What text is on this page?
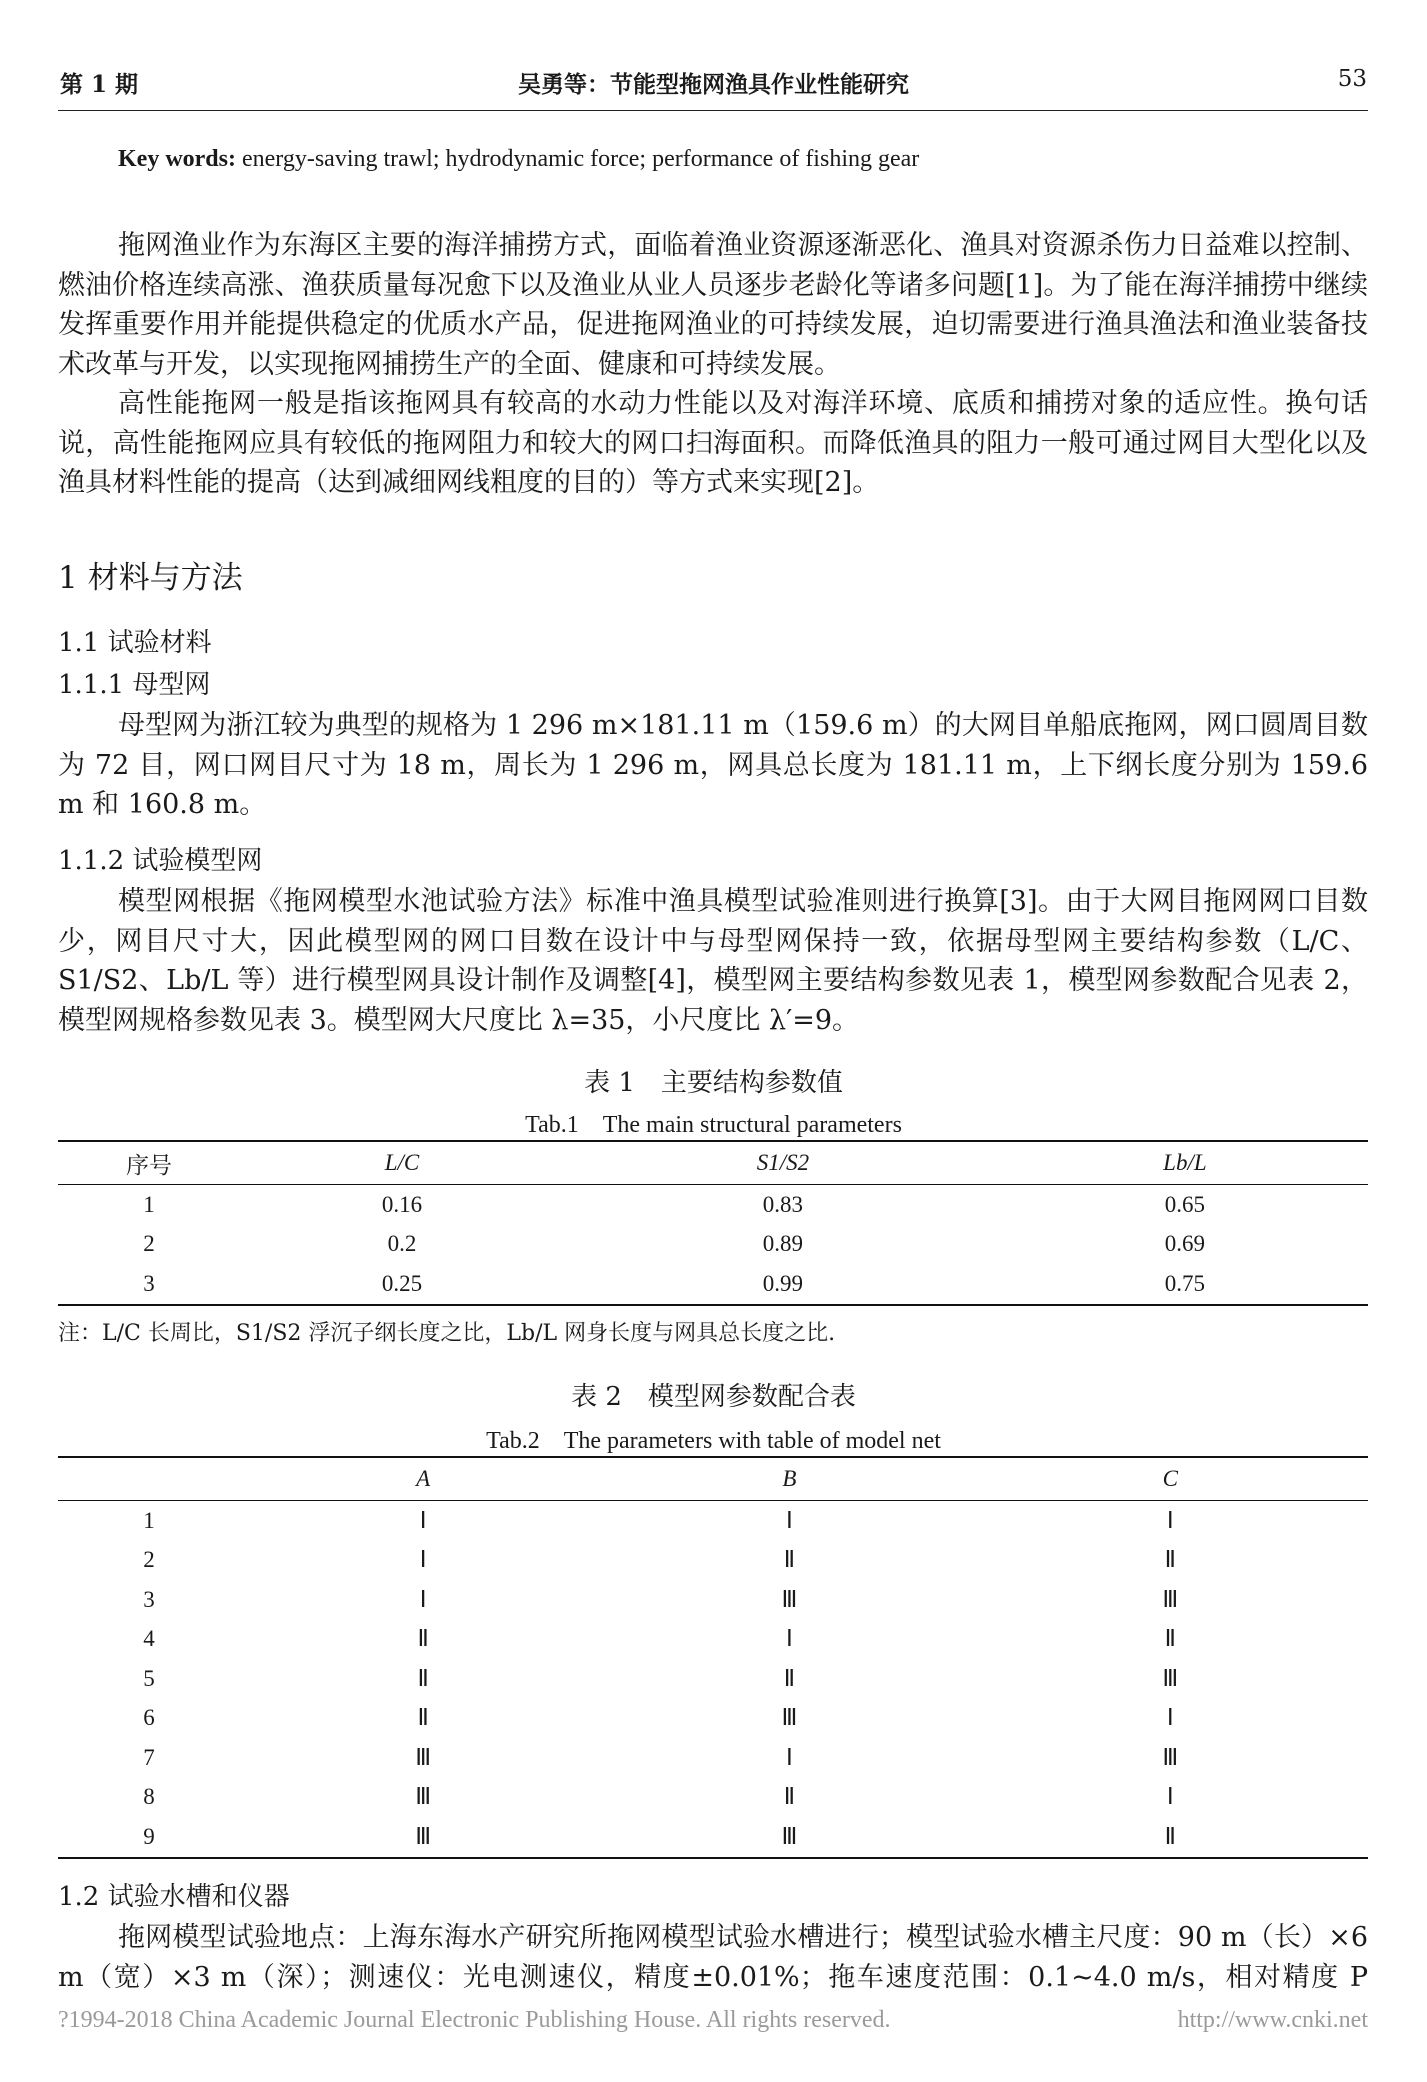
第 1 期	吴勇等：节能型拖网渔具作业性能研究	53
Key words: energy-saving trawl; hydrodynamic force; performance of fishing gear
拖网渔业作为东海区主要的海洋捕捞方式，面临着渔业资源逐渐恶化、渔具对资源杀伤力日益难以控制、燃油价格连续高涨、渔获质量每况愈下以及渔业从业人员逐步老龄化等诸多问题[1]。为了能在海洋捕捞中继续发挥重要作用并能提供稳定的优质水产品，促进拖网渔业的可持续发展，迫切需要进行渔具渔法和渔业装备技术改革与开发，以实现拖网捕捞生产的全面、健康和可持续发展。
高性能拖网一般是指该拖网具有较高的水动力性能以及对海洋环境、底质和捕捞对象的适应性。换句话说，高性能拖网应具有较低的拖网阻力和较大的网口扫海面积。而降低渔具的阻力一般可通过网目大型化以及渔具材料性能的提高（达到减细网线粗度的目的）等方式来实现[2]。
1 材料与方法
1.1 试验材料
1.1.1 母型网
母型网为浙江较为典型的规格为 1 296 m×181.11 m（159.6 m）的大网目单船底拖网，网口圆周目数为 72 目，网口网目尺寸为 18 m，周长为 1 296 m，网具总长度为 181.11 m，上下纲长度分别为 159.6 m 和 160.8 m。
1.1.2 试验模型网
模型网根据《拖网模型水池试验方法》标准中渔具模型试验准则进行换算[3]。由于大网目拖网网口目数少，网目尺寸大，因此模型网的网口目数在设计中与母型网保持一致，依据母型网主要结构参数（L/C、S1/S2、Lb/L 等）进行模型网具设计制作及调整[4]，模型网主要结构参数见表 1，模型网参数配合见表 2，模型网规格参数见表 3。模型网大尺度比 λ=35，小尺度比 λ′=9。
表 1　主要结构参数值
Tab.1　The main structural parameters
序号	L/C	S1/S2	Lb/L
1	0.16	0.83	0.65
2	0.2	0.89	0.69
3	0.25	0.99	0.75
注：L/C 长周比，S1/S2 浮沉子纲长度之比，Lb/L 网身长度与网具总长度之比.
表 2　模型网参数配合表
Tab.2　The parameters with table of model net
	A	B	C
1	Ⅰ	Ⅰ	Ⅰ
2	Ⅰ	Ⅱ	Ⅱ
3	Ⅰ	Ⅲ	Ⅲ
4	Ⅱ	Ⅰ	Ⅱ
5	Ⅱ	Ⅱ	Ⅲ
6	Ⅱ	Ⅲ	Ⅰ
7	Ⅲ	Ⅰ	Ⅲ
8	Ⅲ	Ⅱ	Ⅰ
9	Ⅲ	Ⅲ	Ⅱ
1.2 试验水槽和仪器
拖网模型试验地点：上海东海水产研究所拖网模型试验水槽进行；模型试验水槽主尺度：90 m（长）×6 m（宽）×3 m（深）；测速仪：光电测速仪，精度±0.01%；拖车速度范围：0.1~4.0 m/s，相对精度 P
?1994-2018 China Academic Journal Electronic Publishing House. All rights reserved.	http://www.cnki.net
